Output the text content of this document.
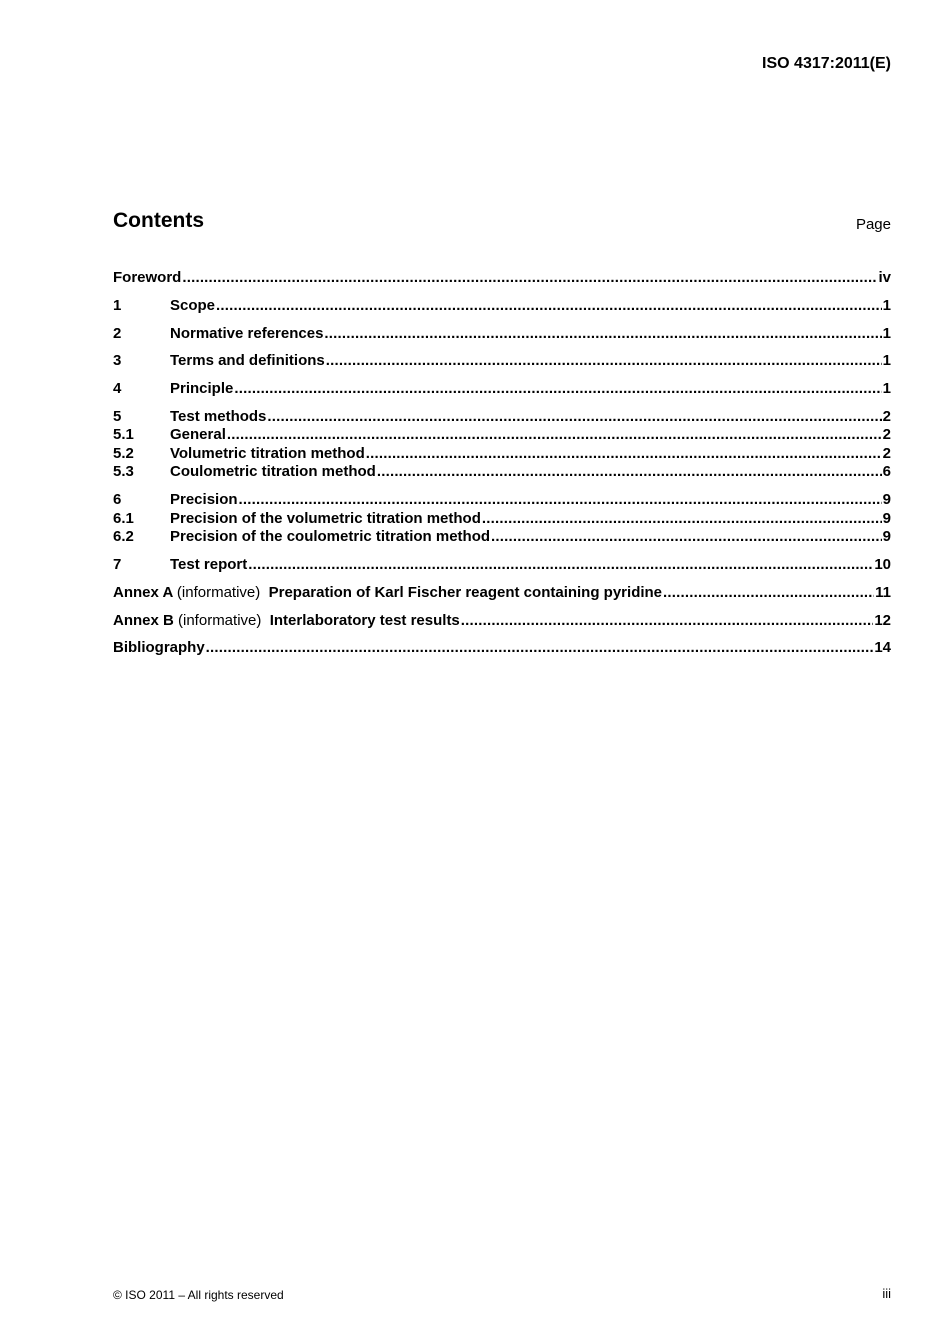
ISO 4317:2011(E)
Contents	Page
Foreword .....	iv
1	Scope .....	1
2	Normative references .....	1
3	Terms and definitions .....	1
4	Principle .....	1
5	Test methods .....	2
5.1	General .....	2
5.2	Volumetric titration method .....	2
5.3	Coulometric titration method .....	6
6	Precision .....	9
6.1	Precision of the volumetric titration method .....	9
6.2	Precision of the coulometric titration method .....	9
7	Test report .....	10
Annex A (informative) Preparation of Karl Fischer reagent containing pyridine .....	11
Annex B (informative) Interlaboratory test results .....	12
Bibliography .....	14
© ISO 2011 – All rights reserved	iii
